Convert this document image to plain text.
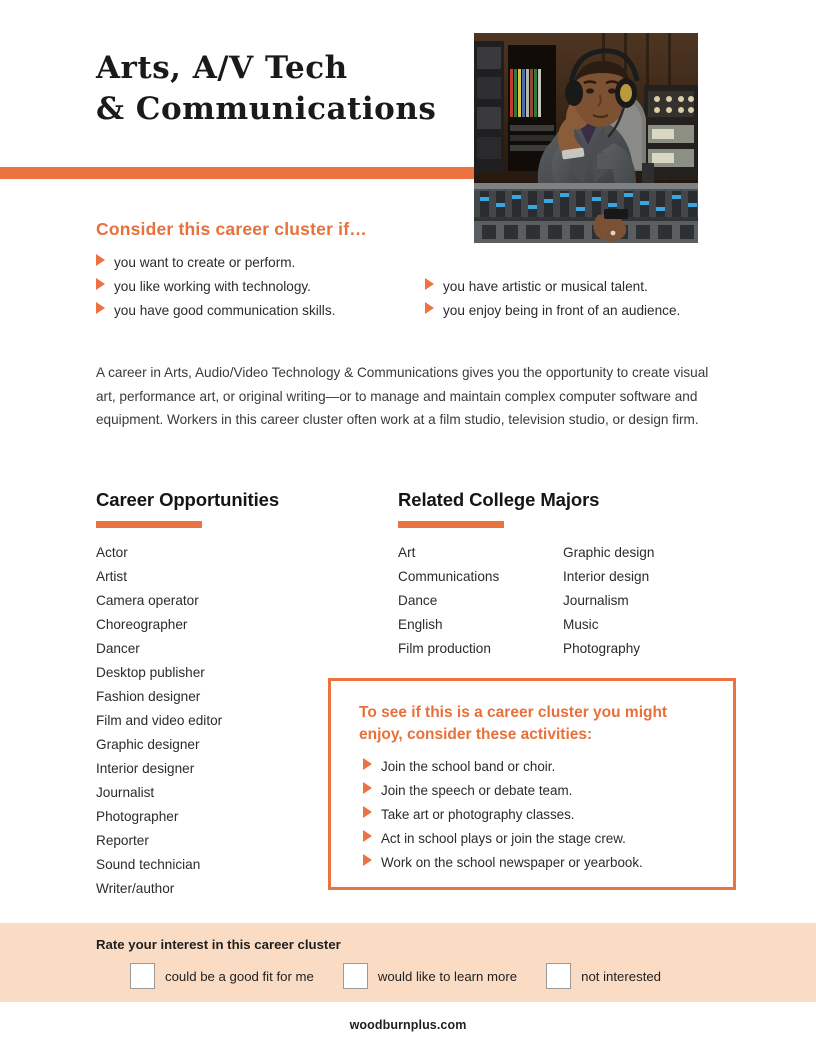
Arts, A/V Tech
& Communications
Consider this career cluster if…
you want to create or perform.
you like working with technology.
you have good communication skills.
you have artistic or musical talent.
you enjoy being in front of an audience.
A career in Arts, Audio/Video Technology & Communications gives you the opportunity to create visual art, performance art, or original writing—or to manage and maintain complex computer software and equipment. Workers in this career cluster often work at a film studio, television studio, or design firm.
Career Opportunities
Actor
Artist
Camera operator
Choreographer
Dancer
Desktop publisher
Fashion designer
Film and video editor
Graphic designer
Interior designer
Journalist
Photographer
Reporter
Sound technician
Writer/author
Related College Majors
Art
Communications
Dance
English
Film production
Graphic design
Interior design
Journalism
Music
Photography
To see if this is a career cluster you might enjoy, consider these activities:
Join the school band or choir.
Join the speech or debate team.
Take art or photography classes.
Act in school plays or join the stage crew.
Work on the school newspaper or yearbook.
Rate your interest in this career cluster
could be a good fit for me	would like to learn more	not interested
woodburnplus.com
